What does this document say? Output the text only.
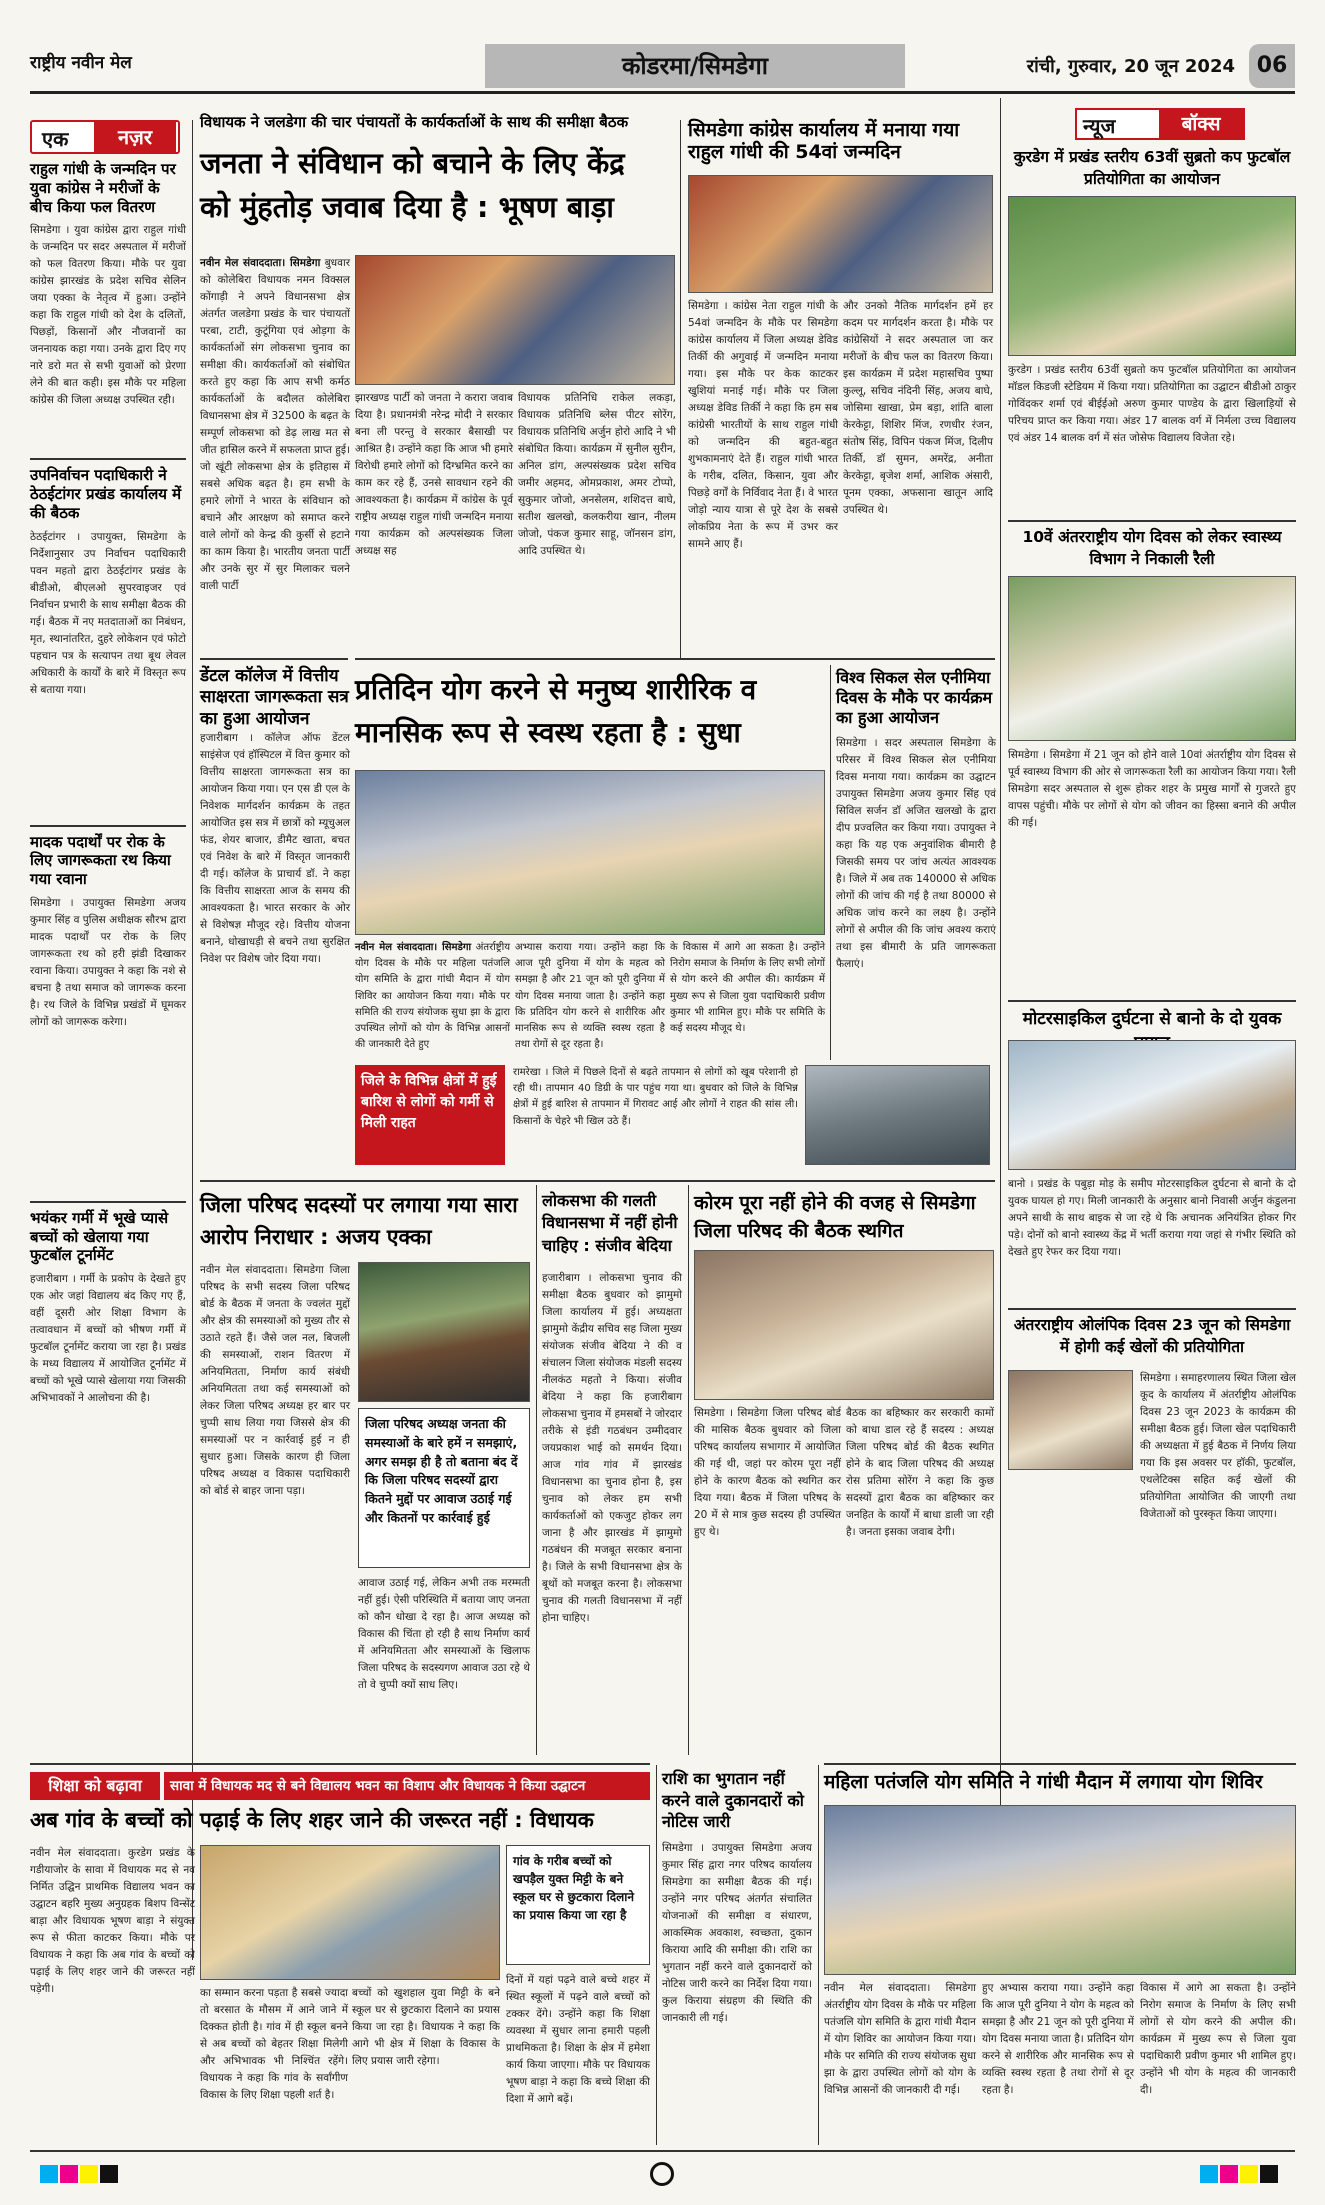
राष्ट्रीय नवीन मेल	कोडरमा/सिमडेगा	रांची, गुरुवार, 20 जून 2024 06
एक	नज़र
राहुल गांधी के जन्मदिन पर युवा कांग्रेस ने मरीजों के बीच किया फल वितरण
सिमडेगा । युवा कांग्रेस द्वारा राहुल गांधी के जन्मदिन पर सदर अस्पताल में मरीजों को फल वितरण किया। मौके पर युवा कांग्रेस झारखंड के प्रदेश सचिव सेलिन जया एक्का के नेतृत्व में हुआ। उन्होंने कहा कि राहुल गांधी को देश के दलितों, पिछड़ों, किसानों और नौजवानों का जननायक कहा गया। उनके द्वारा दिए गए नारे डरो मत से सभी युवाओं को प्रेरणा लेने की बात कही। इस मौके पर महिला कांग्रेस की जिला अध्यक्ष उपस्थित रही।
उपनिर्वाचन पदाधिकारी ने ठेठईटांगर प्रखंड कार्यालय में की बैठक
ठेठईटांगर । उपायुक्त, सिमडेगा के निर्देशानुसार उप निर्वाचन पदाधिकारी पवन महतो द्वारा ठेठईटांगर प्रखंड के बीडीओ, बीएलओ सुपरवाइजर एवं निर्वाचन प्रभारी के साथ समीक्षा बैठक की गई। बैठक में नए मतदाताओं का निबंधन, मृत, स्थानांतरित, दुहरे लोकेशन एवं फोटो पहचान पत्र के सत्यापन तथा बूथ लेवल अधिकारी के कार्यों के बारे में विस्तृत रूप से बताया गया।
मादक पदार्थों पर रोक के लिए जागरूकता रथ किया गया रवाना
सिमडेगा । उपायुक्त सिमडेगा अजय कुमार सिंह व पुलिस अधीक्षक सौरभ द्वारा मादक पदार्थों पर रोक के लिए जागरूकता रथ को हरी झंडी दिखाकर रवाना किया। उपायुक्त ने कहा कि नशे से बचना है तथा समाज को जागरूक करना है। रथ जिले के विभिन्न प्रखंडों में घूमकर लोगों को जागरूक करेगा।
भयंकर गर्मी में भूखे प्यासे बच्चों को खेलाया गया फुटबॉल टूर्नामेंट
हजारीबाग । गर्मी के प्रकोप के देखते हुए एक ओर जहां विद्यालय बंद किए गए हैं, वहीं दूसरी ओर शिक्षा विभाग के तत्वावधान में बच्चों को भीषण गर्मी में फुटबॉल टूर्नामेंट कराया जा रहा है। प्रखंड के मध्य विद्यालय में आयोजित टूर्नामेंट में बच्चों को भूखे प्यासे खेलाया गया जिसकी अभिभावकों ने आलोचना की है।
विधायक ने जलडेगा की चार पंचायतों के कार्यकर्ताओं के साथ की समीक्षा बैठक
जनता ने संविधान को बचाने के लिए केंद्र को मुंहतोड़ जवाब दिया है : भूषण बाड़ा
नवीन मेल संवाददाता। सिमडेगा बुधवार को कोलेबिरा विधायक नमन विक्सल कोंगाड़ी ने अपने विधानसभा क्षेत्र अंतर्गत जलडेगा प्रखंड के चार पंचायतों परबा, टाटी, कुटूंगिया एवं ओड़गा के कार्यकर्ताओं संग लोकसभा चुनाव का समीक्षा की। कार्यकर्ताओं को संबोधित करते हुए कहा कि आप सभी कर्मठ कार्यकर्ताओं के बदौलत कोलेबिरा विधानसभा क्षेत्र में 32500 के बढ़त के सम्पूर्ण लोकसभा को डेढ़ लाख मत से जीत हासिल करने में सफलता प्राप्त हुई। जो खूंटी लोकसभा क्षेत्र के इतिहास में सबसे अधिक बढ़त है। हम सभी के हमारे लोगों ने भारत के संविधान को बचाने और आरक्षण को समाप्त करने वाले लोगों को केन्द्र की कुर्सी से हटाने का काम किया है। भारतीय जनता पार्टी और उनके सुर में सुर मिलाकर चलने वाली पार्टी
झारखण्ड पार्टी को जनता ने करारा जवाब दिया है। प्रधानमंत्री नरेन्द्र मोदी ने सरकार बना ली परन्तु वे सरकार बैसाखी पर आश्रित है। उन्होंने कहा कि आज भी हमारे विरोधी हमारे लोगों को दिग्भ्रमित करने का काम कर रहे हैं, उनसे सावधान रहने की आवश्यकता है। कार्यक्रम में कांग्रेस के पूर्व राष्ट्रीय अध्यक्ष राहुल गांधी जन्मदिन मनाया गया कार्यक्रम को अल्पसंख्यक जिला अध्यक्ष सह
विधायक प्रतिनिधि राकेल लकड़ा, विधायक प्रतिनिधि ब्लेस पीटर सोरेंग, विधायक प्रतिनिधि अर्जुन होरो आदि ने भी संबोधित किया। कार्यक्रम में सुनील सुरीन, अनिल डांग, अल्पसंख्यक प्रदेश सचिव जमीर अहमद, ओमप्रकाश, अमर टोप्पो, सुकुमार जोजो, अनसेलम, शशिदत्त बाघे, सतीश खलखो, कलकरीया खान, नीलम जोजो, पंकज कुमार साहू, जॉनसन डांग, आदि उपस्थित थे।
सिमडेगा कांग्रेस कार्यालय में मनाया गया राहुल गांधी की 54वां जन्मदिन
सिमडेगा । कांग्रेस नेता राहुल गांधी के 54वां जन्मदिन के मौके पर सिमडेगा कांग्रेस कार्यालय में जिला अध्यक्ष डेविड तिर्की की अगुवाई में जन्मदिन मनाया गया। इस मौके पर केक काटकर खुशियां मनाई गई। मौके पर जिला अध्यक्ष डेविड तिर्की ने कहा कि हम सब कांग्रेसी भारतीयों के साथ राहुल गांधी को जन्मदिन की बहुत-बहुत शुभकामनाएं देते हैं। राहुल गांधी भारत के गरीब, दलित, किसान, युवा और पिछड़े वर्गों के निर्विवाद नेता हैं। वे भारत जोड़ो न्याय यात्रा से पूरे देश के सबसे लोकप्रिय नेता के रूप में उभर कर सामने आए हैं।
और उनको नैतिक मार्गदर्शन हमें हर कदम पर मार्गदर्शन करता है। मौके पर कांग्रेसियों ने सदर अस्पताल जा कर मरीजों के बीच फल का वितरण किया। इस कार्यक्रम में प्रदेश महासचिव पुष्पा कुल्लू, सचिव नंदिनी सिंह, अजय बाघे, जोसिमा खाखा, प्रेम बड़ा, शांति बाला केरकेट्टा, शिशिर मिंज, रणधीर रंजन, संतोष सिंह, विपिन पंकज मिंज, दिलीप तिर्की, डॉ सुमन, अमरेंद्र, अनीता केरकेट्टा, बृजेश शर्मा, आशिक अंसारी, पूनम एक्का, अफसाना खातून आदि उपस्थित थे।
डेंटल कॉलेज में वित्तीय साक्षरता जागरूकता सत्र का हुआ आयोजन
हजारीबाग । कॉलेज ऑफ डेंटल साइंसेज एवं हॉस्पिटल में वित्त कुमार को वित्तीय साक्षरता जागरूकता सत्र का आयोजन किया गया। एन एस डी एल के निवेशक मार्गदर्शन कार्यक्रम के तहत आयोजित इस सत्र में छात्रों को म्यूचुअल फंड, शेयर बाजार, डीमैट खाता, बचत एवं निवेश के बारे में विस्तृत जानकारी दी गई। कॉलेज के प्राचार्य डॉ. ने कहा कि वित्तीय साक्षरता आज के समय की आवश्यकता है। भारत सरकार के ओर से विशेषज्ञ मौजूद रहे। वित्तीय योजना बनाने, धोखाधड़ी से बचने तथा सुरक्षित निवेश पर विशेष जोर दिया गया।
प्रतिदिन योग करने से मनुष्य शारीरिक व मानसिक रूप से स्वस्थ रहता है : सुधा
नवीन मेल संवाददाता। सिमडेगा अंतर्राष्ट्रीय योग दिवस के मौके पर महिला पतंजलि योग समिति के द्वारा गांधी मैदान में योग शिविर का आयोजन किया गया। मौके पर समिति की राज्य संयोजक सुधा झा के द्वारा उपस्थित लोगों को योग के विभिन्न आसनों की जानकारी देते हुए
अभ्यास कराया गया। उन्होंने कहा कि आज पूरी दुनिया में योग के महत्व को समझा है और 21 जून को पूरी दुनिया में योग दिवस मनाया जाता है। उन्होंने कहा कि प्रतिदिन योग करने से शारीरिक और मानसिक रूप से व्यक्ति स्वस्थ रहता है तथा रोगों से दूर रहता है।
के विकास में आगे आ सकता है। उन्होंने निरोग समाज के निर्माण के लिए सभी लोगों से योग करने की अपील की। कार्यक्रम में मुख्य रूप से जिला युवा पदाधिकारी प्रवीण कुमार भी शामिल हुए। मौके पर समिति के कई सदस्य मौजूद थे।
जिले के विभिन्न क्षेत्रों में हुई बारिश से लोगों को गर्मी से मिली राहत
रामरेखा । जिले में पिछले दिनों से बढ़ते तापमान से लोगों को खूब परेशानी हो रही थी। तापमान 40 डिग्री के पार पहुंच गया था। बुधवार को जिले के विभिन्न क्षेत्रों में हुई बारिश से तापमान में गिरावट आई और लोगों ने राहत की सांस ली। किसानों के चेहरे भी खिल उठे हैं।
विश्व सिकल सेल एनीमिया दिवस के मौके पर कार्यक्रम का हुआ आयोजन
सिमडेगा । सदर अस्पताल सिमडेगा के परिसर में विश्व सिकल सेल एनीमिया दिवस मनाया गया। कार्यक्रम का उद्घाटन उपायुक्त सिमडेगा अजय कुमार सिंह एवं सिविल सर्जन डॉ अजित खलखो के द्वारा दीप प्रज्वलित कर किया गया। उपायुक्त ने कहा कि यह एक अनुवांशिक बीमारी है जिसकी समय पर जांच अत्यंत आवश्यक है। जिले में अब तक 140000 से अधिक लोगों की जांच की गई है तथा 80000 से अधिक जांच करने का लक्ष्य है। उन्होंने लोगों से अपील की कि जांच अवश्य कराएं तथा इस बीमारी के प्रति जागरूकता फैलाएं।
जिला परिषद सदस्यों पर लगाया गया सारा आरोप निराधार : अजय एक्का
नवीन मेल संवाददाता। सिमडेगा जिला परिषद के सभी सदस्य जिला परिषद बोर्ड के बैठक में जनता के ज्वलंत मुद्दों और क्षेत्र की समस्याओं को मुख्य तौर से उठाते रहते हैं। जैसे जल नल, बिजली की समस्याओं, राशन वितरण में अनियमितता, निर्माण कार्य संबंधी अनियमितता तथा कई समस्याओं को लेकर जिला परिषद अध्यक्ष हर बार पर चुप्पी साध लिया गया जिससे क्षेत्र की समस्याओं पर न कार्रवाई हुई न ही सुधार हुआ। जिसके कारण ही जिला परिषद अध्यक्ष व विकास पदाधिकारी को बोर्ड से बाहर जाना पड़ा।
जिला परिषद अध्यक्ष जनता की समस्याओं के बारे हमें न समझाएं, अगर समझ ही है तो बताना बंद दें कि जिला परिषद सदस्यों द्वारा कितने मुद्दों पर आवाज उठाई गई और कितनों पर कार्रवाई हुई
आवाज उठाई गई, लेकिन अभी तक मरम्मती नहीं हुई। ऐसी परिस्थिति में बताया जाए जनता को कौन धोखा दे रहा है। आज अध्यक्ष को विकास की चिंता हो रही है साथ निर्माण कार्य में अनियमितता और समस्याओं के खिलाफ जिला परिषद के सदस्यगण आवाज उठा रहे थे तो वे चुप्पी क्यों साध लिए।
लोकसभा की गलती विधानसभा में नहीं होनी चाहिए : संजीव बेदिया
हजारीबाग । लोकसभा चुनाव की समीक्षा बैठक बुधवार को झामुमो जिला कार्यालय में हुई। अध्यक्षता झामुमो केंद्रीय सचिव सह जिला मुख्य संयोजक संजीव बेदिया ने की व संचालन जिला संयोजक मंडली सदस्य नीलकंठ महतो ने किया। संजीव बेदिया ने कहा कि हजारीबाग लोकसभा चुनाव में हमसबों ने जोरदार तरीके से इंडी गठबंधन उम्मीदवार जयप्रकाश भाई को समर्थन दिया। आज गांव गांव में झारखंड विधानसभा का चुनाव होना है, इस चुनाव को लेकर हम सभी कार्यकर्ताओं को एकजुट होकर लग जाना है और झारखंड में झामुमो गठबंधन की मजबूत सरकार बनाना है। जिले के सभी विधानसभा क्षेत्र के बूथों को मजबूत करना है। लोकसभा चुनाव की गलती विधानसभा में नहीं होना चाहिए।
कोरम पूरा नहीं होने की वजह से सिमडेगा जिला परिषद की बैठक स्थगित
सिमडेगा । सिमडेगा जिला परिषद बोर्ड की मासिक बैठक बुधवार को जिला परिषद कार्यालय सभागार में आयोजित की गई थी, जहां पर कोरम पूरा नहीं होने के कारण बैठक को स्थगित कर दिया गया। बैठक में जिला परिषद के 20 में से मात्र कुछ सदस्य ही उपस्थित हुए थे।
बैठक का बहिष्कार कर सरकारी कामों को बाधा डाल रहे हैं सदस्य : अध्यक्ष जिला परिषद बोर्ड की बैठक स्थगित होने के बाद जिला परिषद की अध्यक्ष रोस प्रतिमा सोरेंग ने कहा कि कुछ सदस्यों द्वारा बैठक का बहिष्कार कर जनहित के कार्यों में बाधा डाली जा रही है। जनता इसका जवाब देगी।
न्यूज	बॉक्स
कुरडेग में प्रखंड स्तरीय 63वीं सुब्रतो कप फुटबॉल प्रतियोगिता का आयोजन
कुरडेग । प्रखंड स्तरीय 63वीं सुब्रतो कप फुटबॉल प्रतियोगिता का आयोजन मॉडल किडजी स्टेडियम में किया गया। प्रतियोगिता का उद्घाटन बीडीओ ठाकुर गोविंदकर शर्मा एवं बीईईओ अरुण कुमार पाण्डेय के द्वारा खिलाड़ियों से परिचय प्राप्त कर किया गया। अंडर 17 बालक वर्ग में निर्मला उच्च विद्यालय एवं अंडर 14 बालक वर्ग में संत जोसेफ विद्यालय विजेता रहे।
10वें अंतरराष्ट्रीय योग दिवस को लेकर स्वास्थ्य विभाग ने निकाली रैली
सिमडेगा । सिमडेगा में 21 जून को होने वाले 10वां अंतर्राष्ट्रीय योग दिवस से पूर्व स्वास्थ्य विभाग की ओर से जागरूकता रैली का आयोजन किया गया। रैली सिमडेगा सदर अस्पताल से शुरू होकर शहर के प्रमुख मार्गों से गुजरते हुए वापस पहुंची। मौके पर लोगों से योग को जीवन का हिस्सा बनाने की अपील की गई।
मोटरसाइकिल दुर्घटना से बानो के दो युवक
बानो । प्रखंड के पबुड़ा मोड़ के समीप मोटरसाइकिल दुर्घटना से बानो के दो युवक घायल हो गए। मिली जानकारी के अनुसार बानो निवासी अर्जुन कंडुलना अपने साथी के साथ बाइक से जा रहे थे कि अचानक अनियंत्रित होकर गिर पड़े। दोनों को बानो स्वास्थ्य केंद्र में भर्ती कराया गया जहां से गंभीर स्थिति को देखते हुए रेफर कर दिया गया।
अंतरराष्ट्रीय ओलंपिक दिवस 23 जून को सिमडेगा में होगी कई खेलों की प्रतियोगिता
सिमडेगा । समाहरणालय स्थित जिला खेल कूद के कार्यालय में अंतर्राष्ट्रीय ओलंपिक दिवस 23 जून 2023 के कार्यक्रम की समीक्षा बैठक हुई। जिला खेल पदाधिकारी की अध्यक्षता में हुई बैठक में निर्णय लिया गया कि इस अवसर पर हॉकी, फुटबॉल, एथलेटिक्स सहित कई खेलों की प्रतियोगिता आयोजित की जाएगी तथा विजेताओं को पुरस्कृत किया जाएगा।
शिक्षा को बढ़ावा	सावा में विधायक मद से बने विद्यालय भवन का विशाप और विधायक ने किया उद्घाटन
अब गांव के बच्चों को पढ़ाई के लिए शहर जाने की जरूरत नहीं : विधायक
नवीन मेल संवाददाता। कुरडेग प्रखंड के गडीयाजोर के सावा में विधायक मद से नव निर्मित उद्घिन प्राथमिक विद्यालय भवन का उद्घाटन बहरि मुख्य अनुग्रहक बिशप विन्सेंट बाड़ा और विधायक भूषण बाड़ा ने संयुक्त रूप से फीता काटकर किया। मौके पर विधायक ने कहा कि अब गांव के बच्चों को पढ़ाई के लिए शहर जाने की जरूरत नहीं पड़ेगी।	का सम्मान करना पड़ता है सबसे ज्यादा तो बरसात के मौसम में आने जाने में दिक्कत होती है। गांव में ही स्कूल बनने से अब बच्चों को बेहतर शिक्षा मिलेगी और अभिभावक भी निश्चिंत रहेंगे। विधायक ने कहा कि गांव के सर्वांगीण विकास के लिए शिक्षा पहली शर्त है।
बच्चों को खुशहाल युवा मिट्टी के बने स्कूल घर से छुटकारा दिलाने का प्रयास किया जा रहा है। विधायक ने कहा कि आगे भी क्षेत्र में शिक्षा के विकास के लिए प्रयास जारी रहेगा।
गांव के गरीब बच्चों को खपड़ैल युक्त मिट्टी के बने स्कूल घर से छुटकारा दिलाने का प्रयास किया जा रहा है
दिनों में यहां पढ़ने वाले बच्चे शहर में स्थित स्कूलों में पढ़ने वाले बच्चों को टक्कर देंगे। उन्होंने कहा कि शिक्षा व्यवस्था में सुधार लाना हमारी पहली प्राथमिकता है। शिक्षा के क्षेत्र में हमेशा कार्य किया जाएगा। मौके पर विधायक भूषण बाड़ा ने कहा कि बच्चे शिक्षा की दिशा में आगे बढ़ें।
राशि का भुगतान नहीं करने वाले दुकानदारों को नोटिस जारी
सिमडेगा । उपायुक्त सिमडेगा अजय कुमार सिंह द्वारा नगर परिषद कार्यालय सिमडेगा का समीक्षा बैठक की गई। उन्होंने नगर परिषद अंतर्गत संचालित योजनाओं की समीक्षा व संधारण, आकस्मिक अवकाश, स्वच्छता, दुकान किराया आदि की समीक्षा की। राशि का भुगतान नहीं करने वाले दुकानदारों को नोटिस जारी करने का निर्देश दिया गया। कुल किराया संग्रहण की स्थिति की जानकारी ली गई।
महिला पतंजलि योग समिति ने गांधी मैदान में लगाया योग शिविर
नवीन मेल संवाददाता। सिमडेगा अंतर्राष्ट्रीय योग दिवस के मौके पर महिला पतंजलि योग समिति के द्वारा गांधी मैदान में योग शिविर का आयोजन किया गया। मौके पर समिति की राज्य संयोजक सुधा झा के द्वारा उपस्थित लोगों को योग के विभिन्न आसनों की जानकारी दी गई।
हुए अभ्यास कराया गया। उन्होंने कहा कि आज पूरी दुनिया ने योग के महत्व को समझा है और 21 जून को पूरी दुनिया में योग दिवस मनाया जाता है। प्रतिदिन योग करने से शारीरिक और मानसिक रूप से व्यक्ति स्वस्थ रहता है तथा रोगों से दूर रहता है।
विकास में आगे आ सकता है। उन्होंने निरोग समाज के निर्माण के लिए सभी लोगों से योग करने की अपील की। कार्यक्रम में मुख्य रूप से जिला युवा पदाधिकारी प्रवीण कुमार भी शामिल हुए। उन्होंने भी योग के महत्व की जानकारी दी।
